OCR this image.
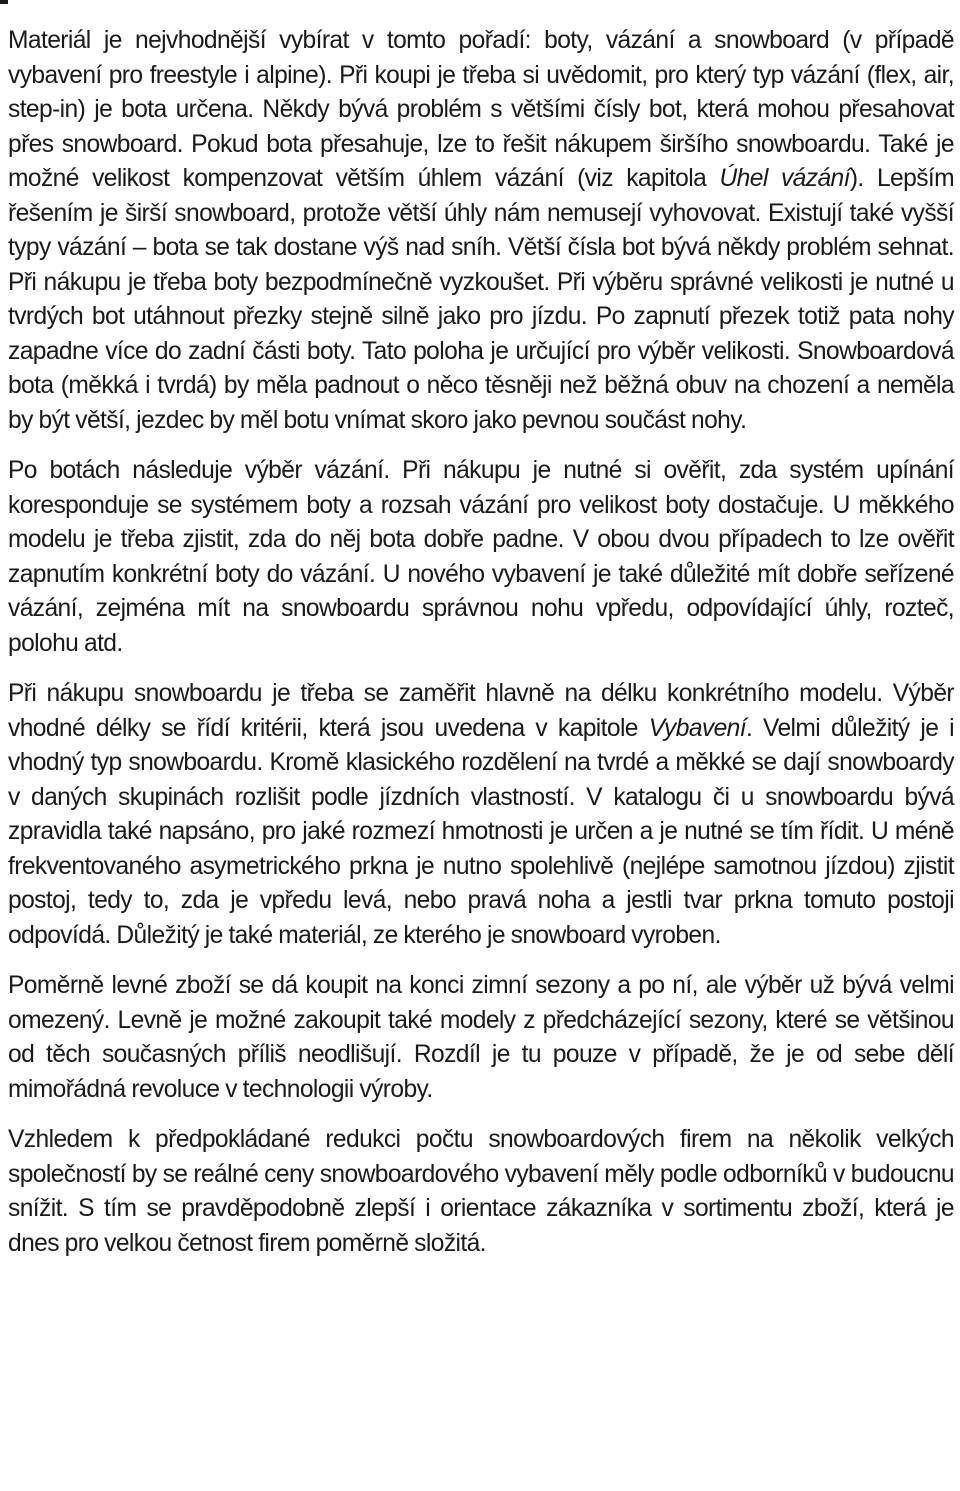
Materiál je nejvhodnější vybírat v tomto pořadí: boty, vázání a snowboard (v případě vybavení pro freestyle i alpine). Při koupi je třeba si uvědomit, pro který typ vázání (flex, air, step-in) je bota určena. Někdy bývá problém s většími čísly bot, která mohou přesahovat přes snowboard. Pokud bota přesahuje, lze to řešit nákupem širšího snowboardu. Také je možné velikost kompenzovat větším úhlem vázání (viz kapitola Úhel vázání). Lepším řešením je širší snowboard, protože větší úhly nám nemusejí vyhovovat. Existují také vyšší typy vázání – bota se tak dostane výš nad sníh. Větší čísla bot bývá někdy problém sehnat. Při nákupu je třeba boty bezpodmínečně vyzkoušet. Při výběru správné velikosti je nutné u tvrdých bot utáhnout přezky stejně silně jako pro jízdu. Po zapnutí přezek totiž pata nohy zapadne více do zadní části boty. Tato poloha je určující pro výběr velikosti. Snowboardová bota (měkká i tvrdá) by měla padnout o něco těsněji než běžná obuv na chození a neměla by být větší, jezdec by měl botu vnímat skoro jako pevnou součást nohy.

Po botách následuje výběr vázání. Při nákupu je nutné si ověřit, zda systém upínání koresponduje se systémem boty a rozsah vázání pro velikost boty dostačuje. U měkkého modelu je třeba zjistit, zda do něj bota dobře padne. V obou dvou případech to lze ověřit zapnutím konkrétní boty do vázání. U nového vybavení je také důležité mít dobře seřízené vázání, zejména mít na snowboardu správnou nohu vpředu, odpovídající úhly, rozteč, polohu atd.

Při nákupu snowboardu je třeba se zaměřit hlavně na délku konkrétního modelu. Výběr vhodné délky se řídí kritérii, která jsou uvedena v kapitole Vybavení. Velmi důležitý je i vhodný typ snowboardu. Kromě klasického rozdělení na tvrdé a měkké se dají snowboardy v daných skupinách rozlišit podle jízdních vlastností. V katalogu či u snowboardu bývá zpravidla také napsáno, pro jaké rozmezí hmotnosti je určen a je nutné se tím řídit. U méně frekventovaného asymetrického prkna je nutno spolehlivě (nejlépe samotnou jízdou) zjistit postoj, tedy to, zda je vpředu levá, nebo pravá noha a jestli tvar prkna tomuto postoji odpovídá. Důležitý je také materiál, ze kterého je snowboard vyroben.

Poměrně levné zboží se dá koupit na konci zimní sezony a po ní, ale výběr už bývá velmi omezený. Levně je možné zakoupit také modely z předcházející sezony, které se většinou od těch současných příliš neodlišují. Rozdíl je tu pouze v případě, že je od sebe dělí mimořádná revoluce v technologii výroby.

Vzhledem k předpokládané redukci počtu snowboardových firem na několik velkých společností by se reálné ceny snowboardového vybavení měly podle odborníků v budoucnu snížit. S tím se pravděpodobně zlepší i orientace zákazníka v sortimentu zboží, která je dnes pro velkou četnost firem poměrně složitá.
